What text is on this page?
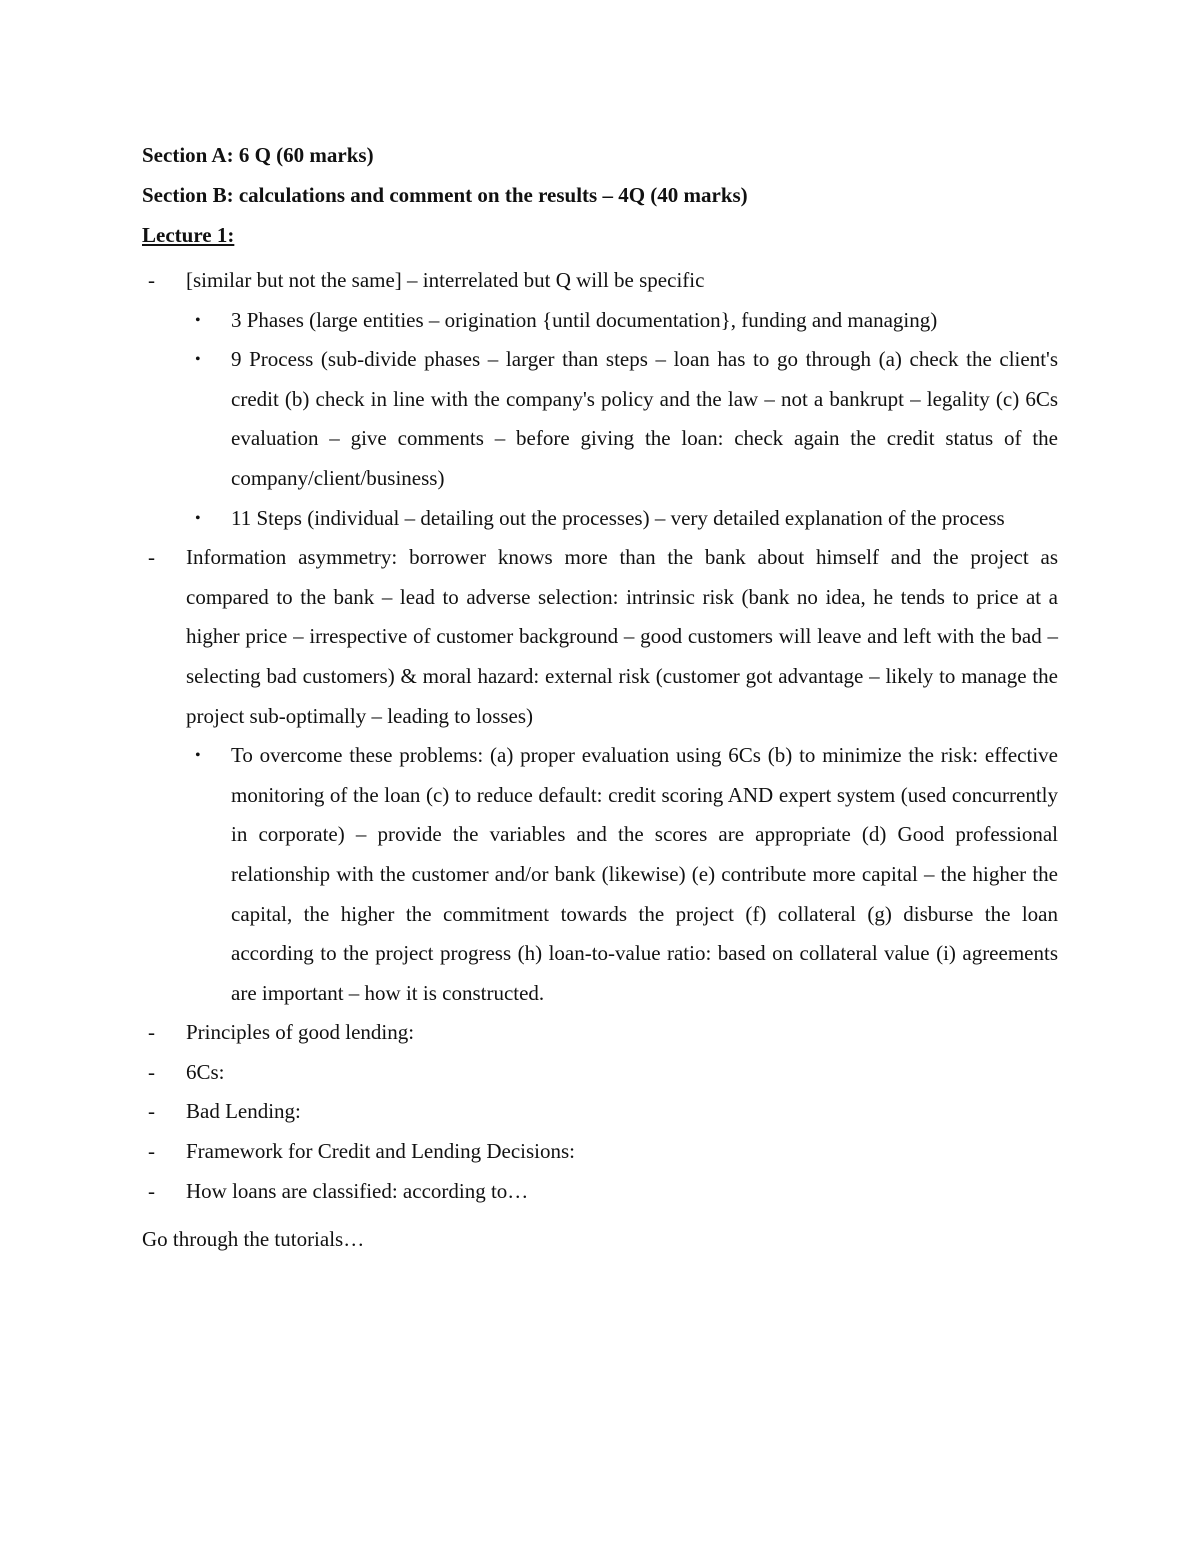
Section A: 6 Q (60 marks)
Section B: calculations and comment on the results – 4Q (40 marks)
Lecture 1:
- [similar but not the same] – interrelated but Q will be specific
• 3 Phases (large entities – origination {until documentation}, funding and managing)
• 9 Process (sub-divide phases – larger than steps – loan has to go through (a) check the client's credit (b) check in line with the company's policy and the law – not a bankrupt – legality (c) 6Cs evaluation – give comments – before giving the loan: check again the credit status of the company/client/business)
• 11 Steps (individual – detailing out the processes) – very detailed explanation of the process
- Information asymmetry: borrower knows more than the bank about himself and the project as compared to the bank – lead to adverse selection: intrinsic risk (bank no idea, he tends to price at a higher price – irrespective of customer background – good customers will leave and left with the bad – selecting bad customers) & moral hazard: external risk (customer got advantage – likely to manage the project sub-optimally – leading to losses)
• To overcome these problems: (a) proper evaluation using 6Cs (b) to minimize the risk: effective monitoring of the loan (c) to reduce default: credit scoring AND expert system (used concurrently in corporate) – provide the variables and the scores are appropriate (d) Good professional relationship with the customer and/or bank (likewise) (e) contribute more capital – the higher the capital, the higher the commitment towards the project (f) collateral (g) disburse the loan according to the project progress (h) loan-to-value ratio: based on collateral value (i) agreements are important – how it is constructed.
- Principles of good lending:
- 6Cs:
- Bad Lending:
- Framework for Credit and Lending Decisions:
- How loans are classified: according to…
Go through the tutorials…
